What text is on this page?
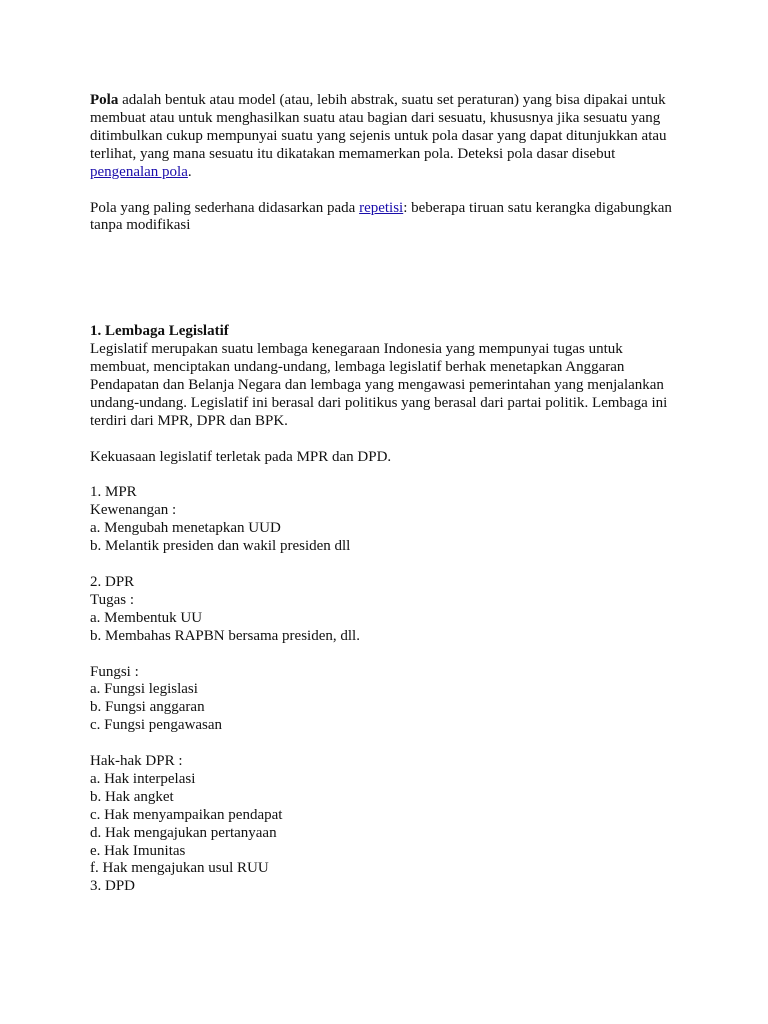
Pola adalah bentuk atau model (atau, lebih abstrak, suatu set peraturan) yang bisa dipakai untuk membuat atau untuk menghasilkan suatu atau bagian dari sesuatu, khususnya jika sesuatu yang ditimbulkan cukup mempunyai suatu yang sejenis untuk pola dasar yang dapat ditunjukkan atau terlihat, yang mana sesuatu itu dikatakan memamerkan pola. Deteksi pola dasar disebut pengenalan pola.

Pola yang paling sederhana didasarkan pada repetisi: beberapa tiruan satu kerangka digabungkan tanpa modifikasi

1. Lembaga Legislatif

Legislatif merupakan suatu lembaga kenegaraan Indonesia yang mempunyai tugas untuk membuat, menciptakan undang-undang, lembaga legislatif berhak menetapkan Anggaran Pendapatan dan Belanja Negara dan lembaga yang mengawasi pemerintahan yang menjalankan undang-undang. Legislatif ini berasal dari politikus yang berasal dari partai politik. Lembaga ini terdiri dari MPR, DPR dan BPK.

Kekuasaan legislatif terletak pada MPR dan DPD.
1. MPR
Kewenangan :
a. Mengubah menetapkan UUD
b. Melantik presiden dan wakil presiden dll
2. DPR
Tugas :
a. Membentuk UU
b. Membahas RAPBN bersama presiden, dll.
Fungsi :
a. Fungsi legislasi
b. Fungsi anggaran
c. Fungsi pengawasan
Hak-hak DPR :
a. Hak interpelasi
b. Hak angket
c. Hak menyampaikan pendapat
d. Hak mengajukan pertanyaan
e. Hak Imunitas
f. Hak mengajukan usul RUU
3. DPD
